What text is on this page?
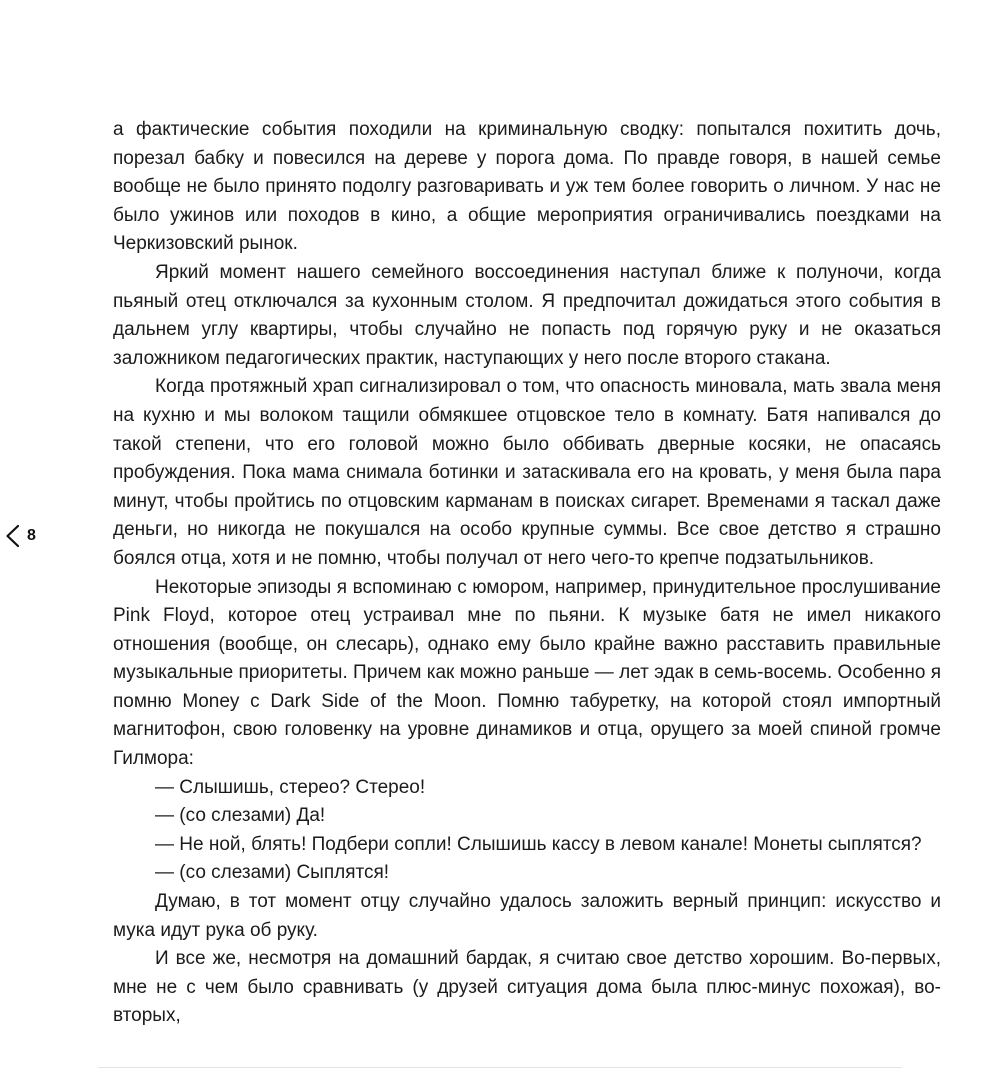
8

а фактические события походили на криминальную сводку: попытался похитить дочь, порезал бабку и повесился на дереве у порога дома. По правде говоря, в нашей семье вообще не было принято подолгу разговаривать и уж тем более говорить о личном. У нас не было ужинов или походов в кино, а общие мероприятия ограничивались поездками на Черкизовский рынок.

Яркий момент нашего семейного воссоединения наступал ближе к полуночи, когда пьяный отец отключался за кухонным столом. Я предпочитал дожидаться этого события в дальнем углу квартиры, чтобы случайно не попасть под горячую руку и не оказаться заложником педагогических практик, наступающих у него после второго стакана.

Когда протяжный храп сигнализировал о том, что опасность миновала, мать звала меня на кухню и мы волоком тащили обмякшее отцовское тело в комнату. Батя напивался до такой степени, что его головой можно было оббивать дверные косяки, не опасаясь пробуждения. Пока мама снимала ботинки и затаскивала его на кровать, у меня была пара минут, чтобы пройтись по отцовским карманам в поисках сигарет. Временами я таскал даже деньги, но никогда не покушался на особо крупные суммы. Все свое детство я страшно боялся отца, хотя и не помню, чтобы получал от него чего-то крепче подзатыльников.

Некоторые эпизоды я вспоминаю с юмором, например, принудительное прослушивание Pink Floyd, которое отец устраивал мне по пьяни. К музыке батя не имел никакого отношения (вообще, он слесарь), однако ему было крайне важно расставить правильные музыкальные приоритеты. Причем как можно раньше — лет эдак в семь-восемь. Особенно я помню Money с Dark Side of the Moon. Помню табуретку, на которой стоял импортный магнитофон, свою головенку на уровне динамиков и отца, орущего за моей спиной громче Гилмора:

— Слышишь, стерео? Стерео!

— (со слезами) Да!

— Не ной, блять! Подбери сопли! Слышишь кассу в левом канале! Монеты сыплятся?

— (со слезами) Сыплятся!

Думаю, в тот момент отцу случайно удалось заложить верный принцип: искусство и мука идут рука об руку.

И все же, несмотря на домашний бардак, я считаю свое детство хорошим. Во-первых, мне не с чем было сравнивать (у друзей ситуация дома была плюс-минус похожая), во-вторых,
